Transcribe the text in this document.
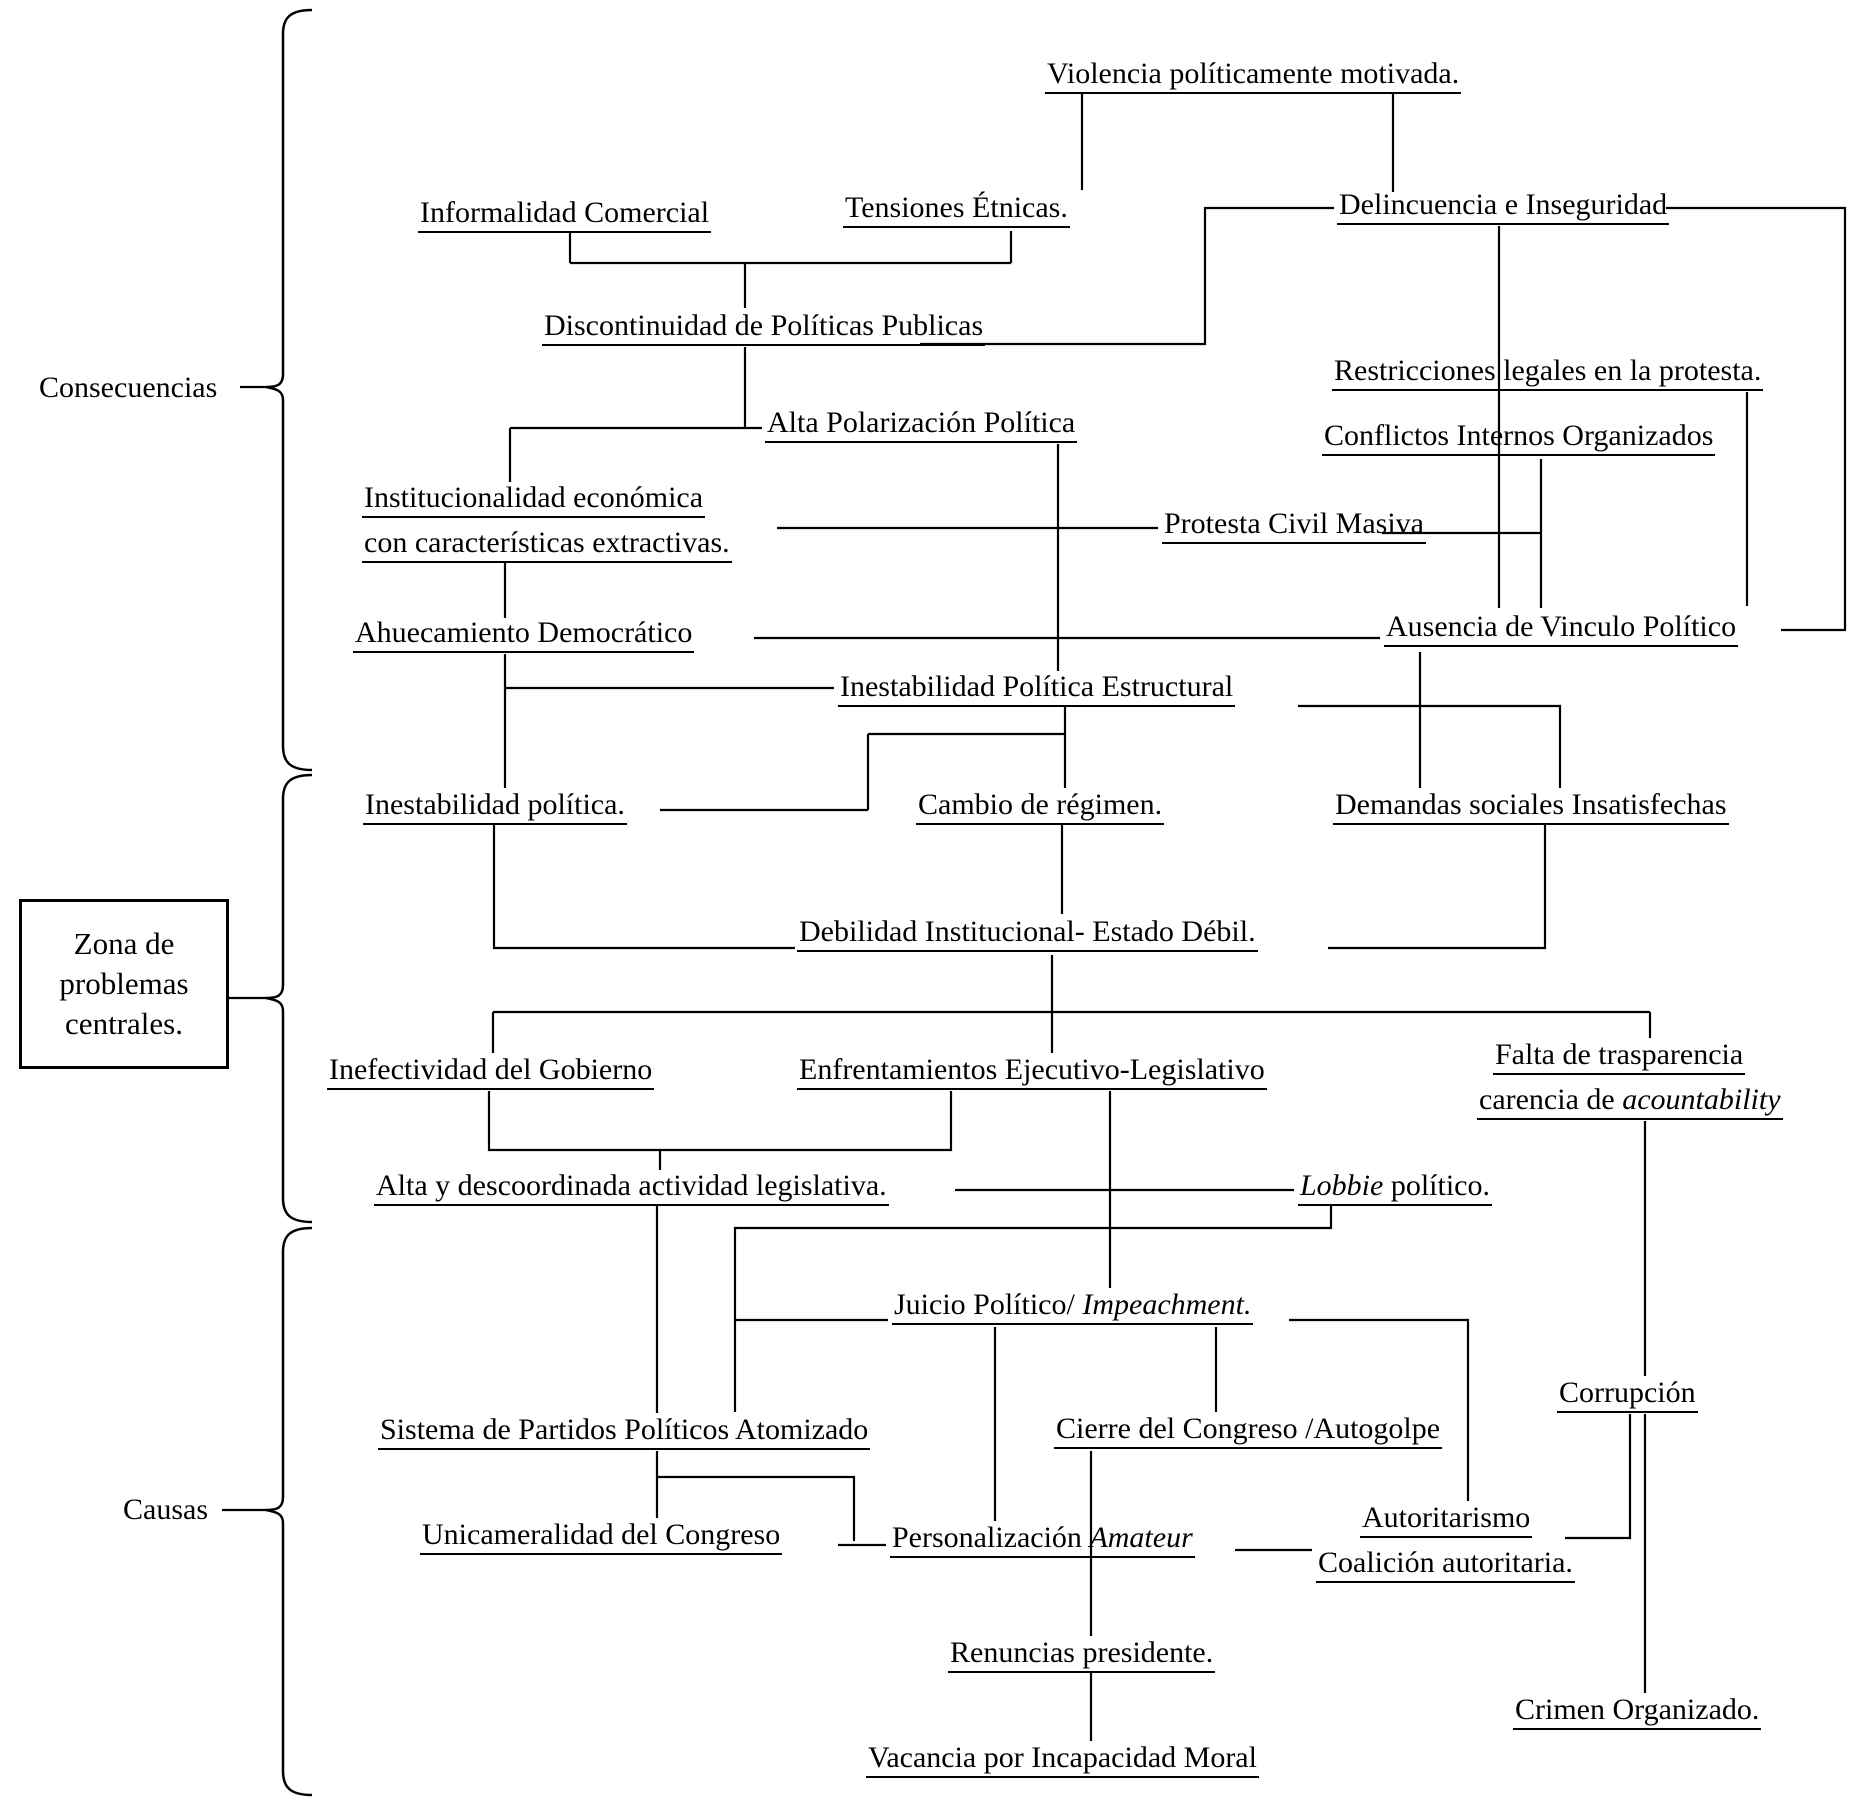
Consecuencias
Zona de
problemas
centrales.
Causas
Violencia políticamente motivada.
Informalidad Comercial	Tensiones Étnicas.	Delincuencia e Inseguridad
Discontinuidad de Políticas Publicas
Restricciones legales en la protesta.
Alta Polarización Política	Conflictos Internos Organizados
Institucionalidad económica
con características extractivas.
Protesta Civil Masiva
Ahuecamiento Democrático	Ausencia de Vinculo Político
Inestabilidad Política Estructural
Inestabilidad política.	Cambio de régimen.	Demandas sociales Insatisfechas
Debilidad Institucional- Estado Débil.
Inefectividad del Gobierno	Enfrentamientos Ejecutivo-Legislativo	Falta de trasparencia
carencia de acountability
Alta y descoordinada actividad legislativa.	Lobbie político.
Juicio Político/ Impeachment.
Corrupción
Sistema de Partidos Políticos Atomizado	Cierre del Congreso /Autogolpe
Unicameralidad del Congreso	Personalización Amateur
Autoritarismo
Coalición autoritaria.
Renuncias presidente.
Crimen Organizado.
Vacancia por Incapacidad Moral
